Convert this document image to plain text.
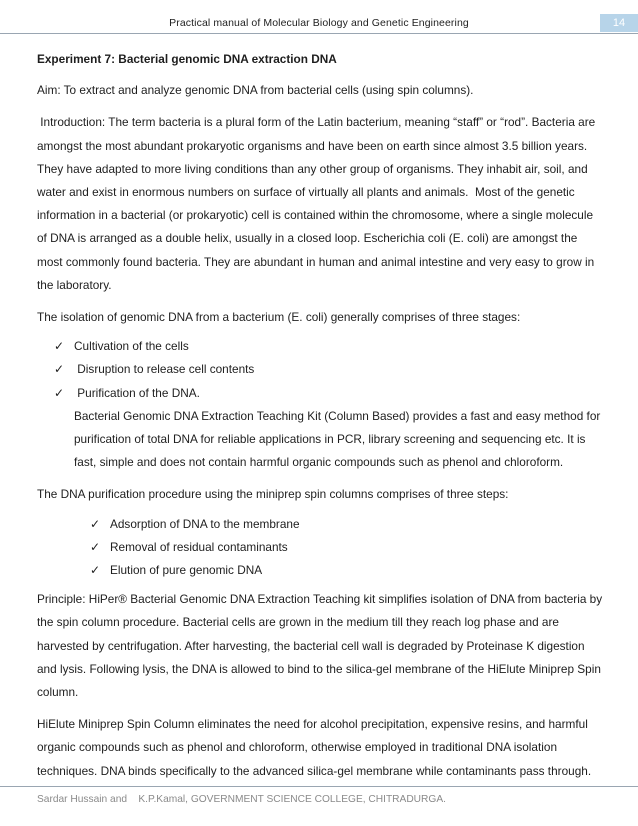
Practical manual of Molecular Biology and Genetic Engineering	14

Experiment 7: Bacterial genomic DNA extraction DNA

Aim: To extract and analyze genomic DNA from bacterial cells (using spin columns).

Introduction: The term bacteria is a plural form of the Latin bacterium, meaning “staff” or “rod”. Bacteria are amongst the most abundant prokaryotic organisms and have been on earth since almost 3.5 billion years. They have adapted to more living conditions than any other group of organisms. They inhabit air, soil, and water and exist in enormous numbers on surface of virtually all plants and animals.  Most of the genetic information in a bacterial (or prokaryotic) cell is contained within the chromosome, where a single molecule of DNA is arranged as a double helix, usually in a closed loop. Escherichia coli (E. coli) are amongst the most commonly found bacteria. They are abundant in human and animal intestine and very easy to grow in the laboratory.

The isolation of genomic DNA from a bacterium (E. coli) generally comprises of three stages:

✓ Cultivation of the cells
✓ Disruption to release cell contents
✓ Purification of the DNA.

Bacterial Genomic DNA Extraction Teaching Kit (Column Based) provides a fast and easy method for purification of total DNA for reliable applications in PCR, library screening and sequencing etc. It is fast, simple and does not contain harmful organic compounds such as phenol and chloroform.

The DNA purification procedure using the miniprep spin columns comprises of three steps:

✓ Adsorption of DNA to the membrane
✓ Removal of residual contaminants
✓ Elution of pure genomic DNA

Principle: HiPer® Bacterial Genomic DNA Extraction Teaching kit simplifies isolation of DNA from bacteria by the spin column procedure. Bacterial cells are grown in the medium till they reach log phase and are harvested by centrifugation. After harvesting, the bacterial cell wall is degraded by Proteinase K digestion and lysis. Following lysis, the DNA is allowed to bind to the silica-gel membrane of the HiElute Miniprep Spin column.

HiElute Miniprep Spin Column eliminates the need for alcohol precipitation, expensive resins, and harmful organic compounds such as phenol and chloroform, otherwise employed in traditional DNA isolation techniques. DNA binds specifically to the advanced silica-gel membrane while contaminants pass through.

Sardar Hussain and    K.P.Kamal, GOVERNMENT SCIENCE COLLEGE, CHITRADURGA.
